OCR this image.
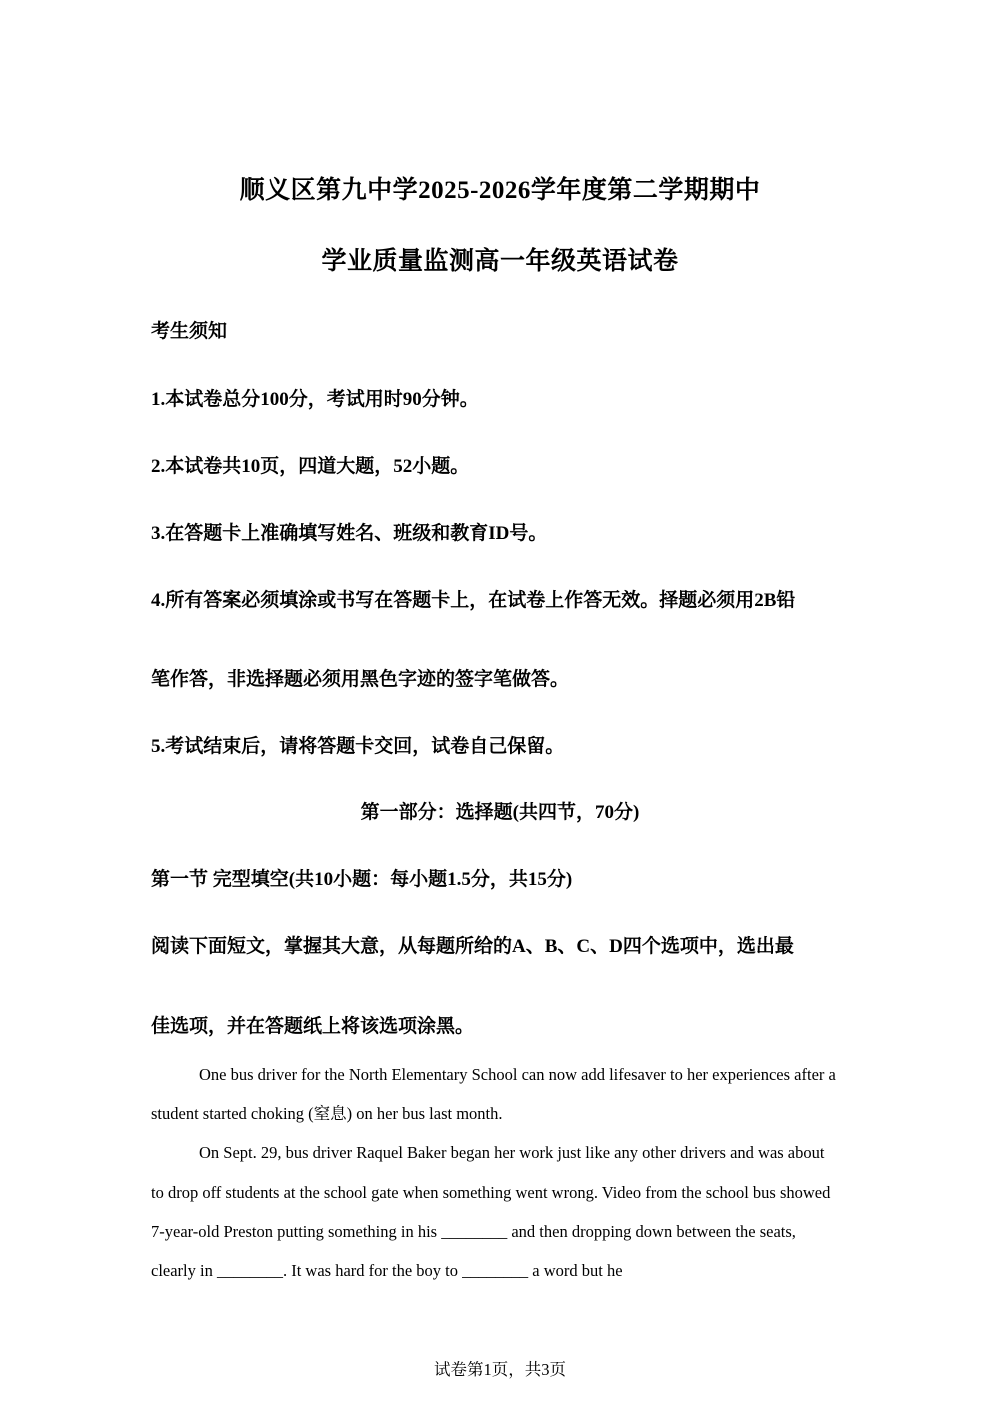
顺义区第九中学2025-2026学年度第二学期期中
学业质量监测高一年级英语试卷
考生须知
1.本试卷总分100分，考试用时90分钟。
2.本试卷共10页，四道大题，52小题。
3.在答题卡上准确填写姓名、班级和教育ID号。
4.所有答案必须填涂或书写在答题卡上，在试卷上作答无效。择题必须用2B铅
笔作答，非选择题必须用黑色字迹的签字笔做答。
5.考试结束后，请将答题卡交回，试卷自己保留。
第一部分：选择题(共四节，70分)
第一节 完型填空(共10小题：每小题1.5分，共15分)
阅读下面短文，掌握其大意，从每题所给的A、B、C、D四个选项中，选出最
佳选项，并在答题纸上将该选项涂黑。

One bus driver for the North Elementary School can now add lifesaver to her experiences after a student started choking (窒息) on her bus last month.

On Sept. 29, bus driver Raquel Baker began her work just like any other drivers and was about to drop off students at the school gate when something went wrong. Video from the school bus showed 7-year-old Preston putting something in his ________ and then dropping down between the seats, clearly in ________. It was hard for the boy to ________ a word but he

试卷第1页，共3页
